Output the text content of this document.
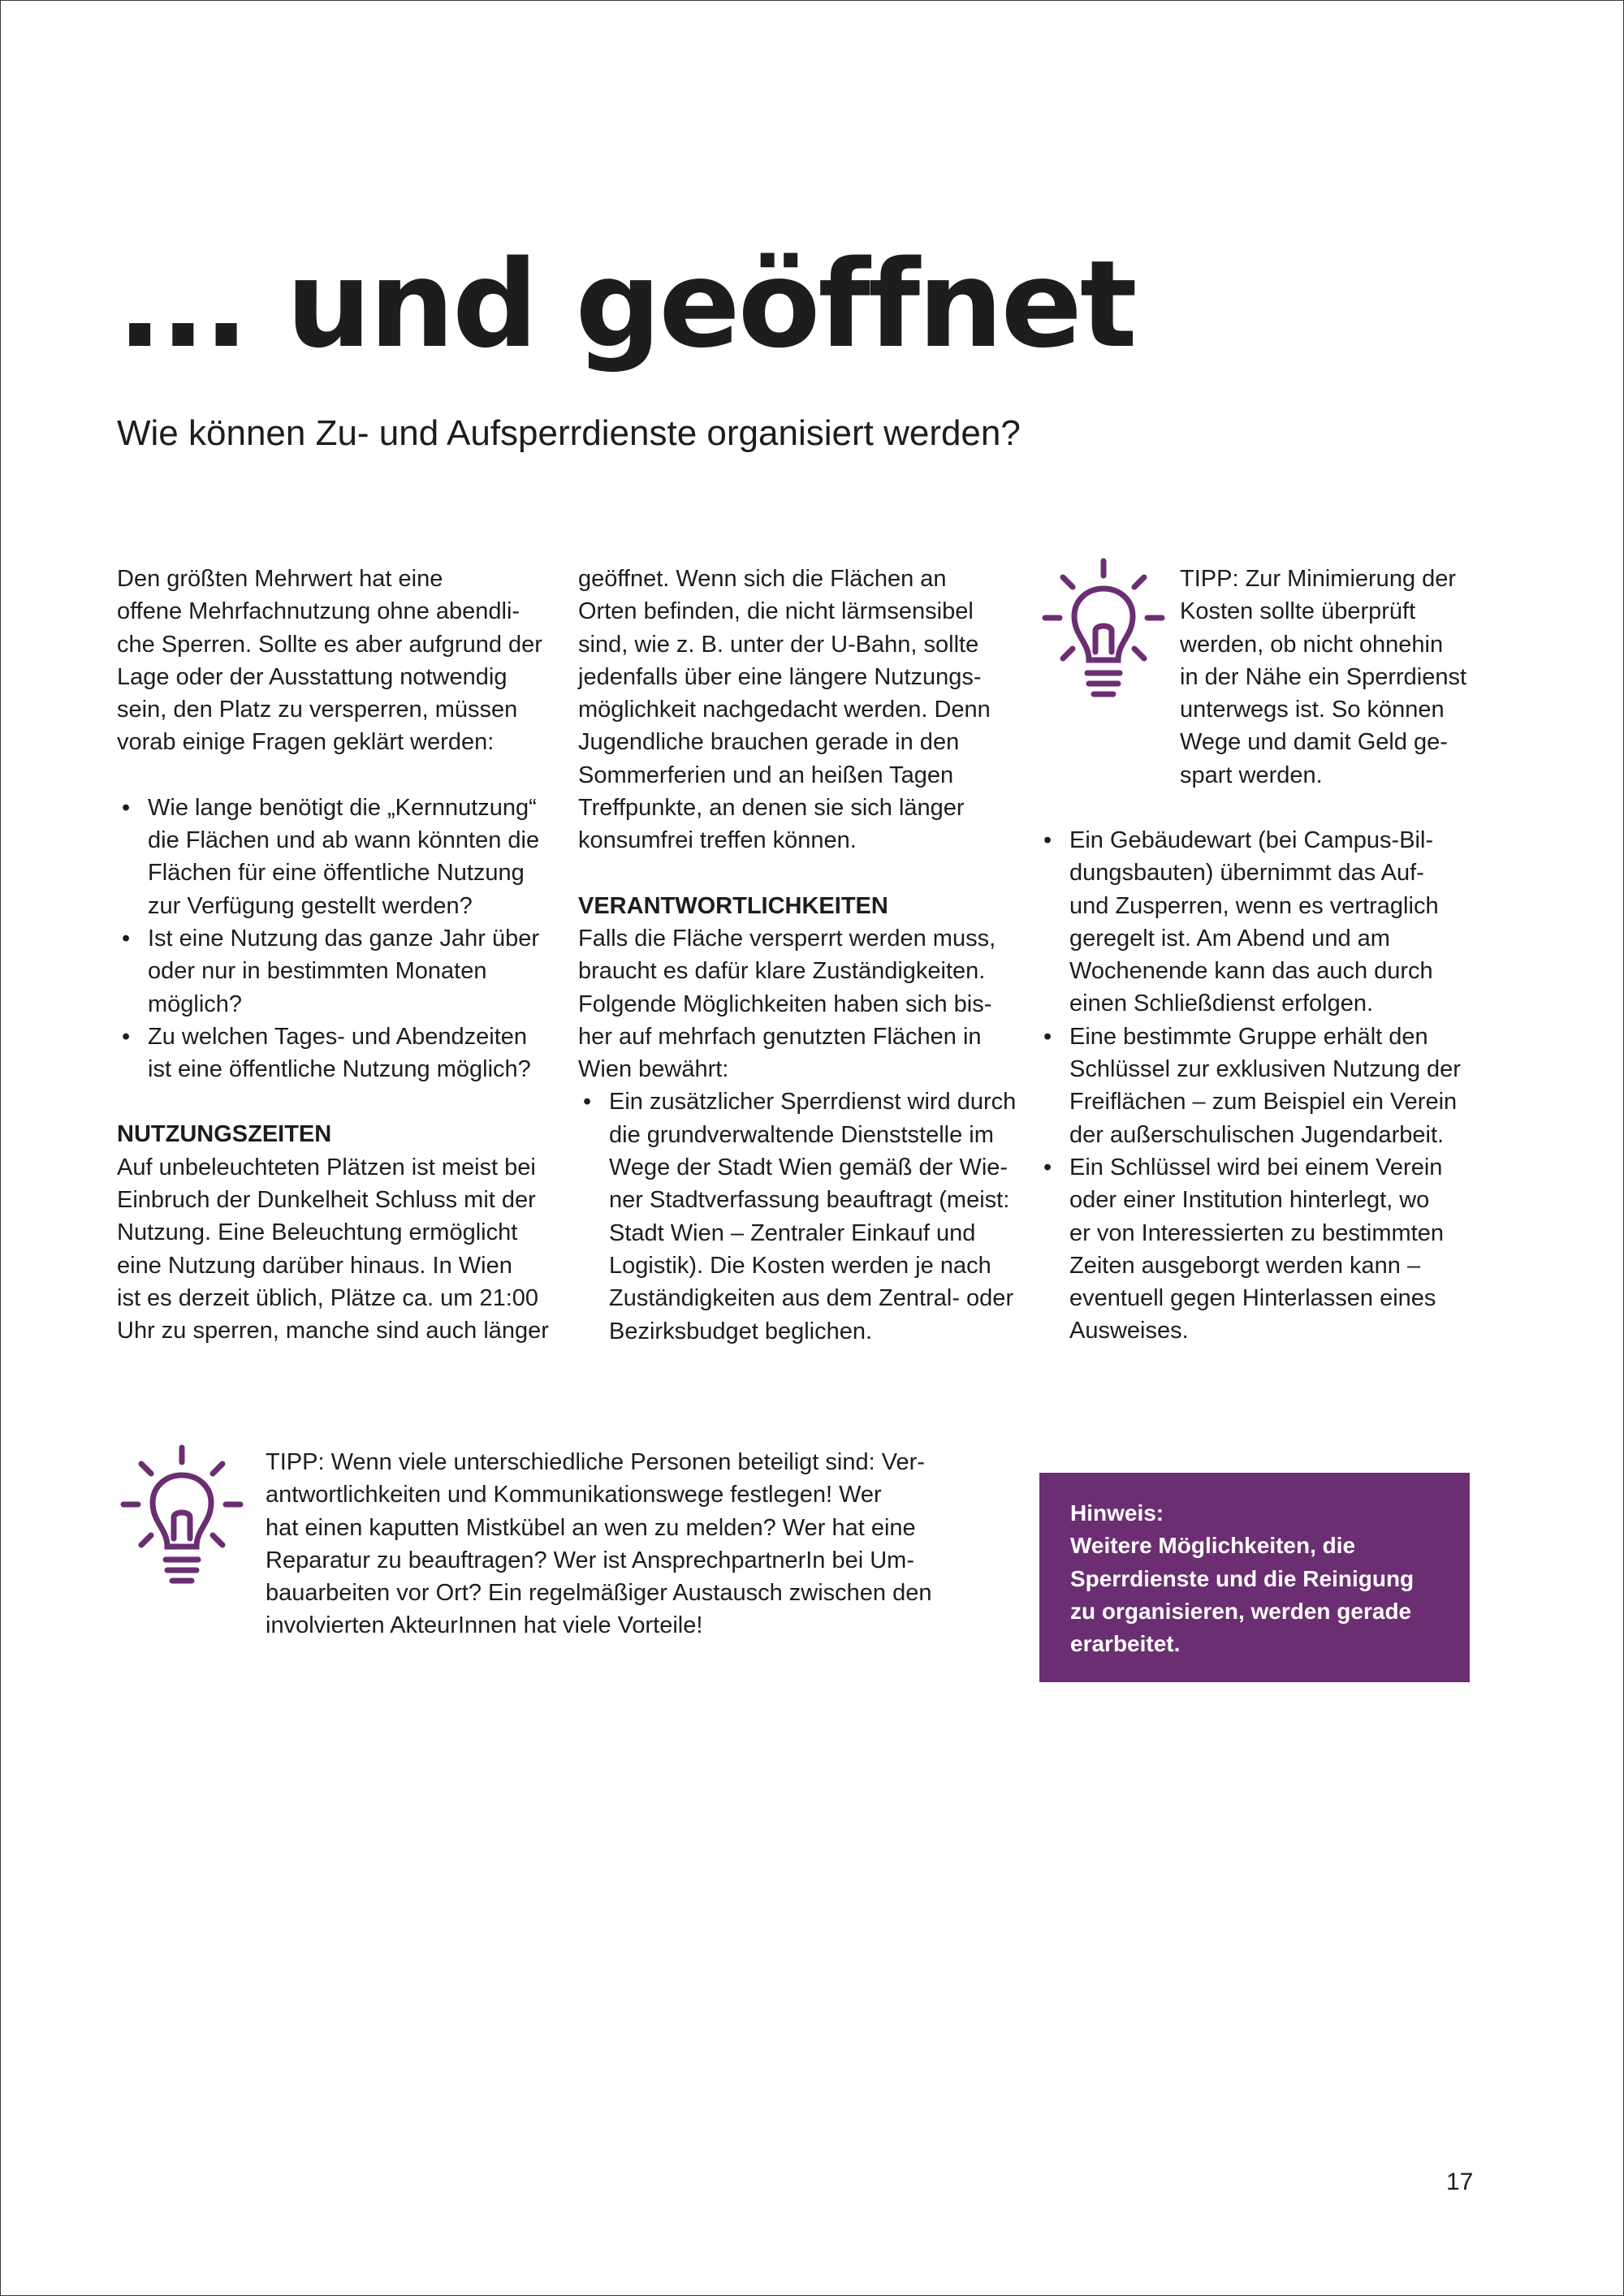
... und geöffnet
Wie können Zu- und Aufsperrdienste organisiert werden?

Den größten Mehrwert hat eine
offene Mehrfachnutzung ohne abendli-
che Sperren. Sollte es aber aufgrund der
Lage oder der Ausstattung notwendig
sein, den Platz zu versperren, müssen
vorab einige Fragen geklärt werden:

• Wie lange benötigt die „Kernnutzung“
die Flächen und ab wann könnten die
Flächen für eine öffentliche Nutzung
zur Verfügung gestellt werden?
• Ist eine Nutzung das ganze Jahr über
oder nur in bestimmten Monaten
möglich?
• Zu welchen Tages- und Abendzeiten
ist eine öffentliche Nutzung möglich?
NUTZUNGSZEITEN

Auf unbeleuchteten Plätzen ist meist bei
Einbruch der Dunkelheit Schluss mit der
Nutzung. Eine Beleuchtung ermöglicht
eine Nutzung darüber hinaus. In Wien
ist es derzeit üblich, Plätze ca. um 21:00
Uhr zu sperren, manche sind auch länger

geöffnet. Wenn sich die Flächen an
Orten befinden, die nicht lärmsensibel
sind, wie z. B. unter der U-Bahn, sollte
jedenfalls über eine längere Nutzungs-
möglichkeit nachgedacht werden. Denn
Jugendliche brauchen gerade in den
Sommerferien und an heißen Tagen
Treffpunkte, an denen sie sich länger
konsumfrei treffen können.

VERANTWORTLICHKEITEN

Falls die Fläche versperrt werden muss,
braucht es dafür klare Zuständigkeiten.
Folgende Möglichkeiten haben sich bis-
her auf mehrfach genutzten Flächen in
Wien bewährt:

• Ein zusätzlicher Sperrdienst wird durch
die grundverwaltende Dienststelle im
Wege der Stadt Wien gemäß der Wie-
ner Stadtverfassung beauftragt (meist:
Stadt Wien – Zentraler Einkauf und
Logistik). Die Kosten werden je nach
Zuständigkeiten aus dem Zentral- oder
Bezirksbudget beglichen.
TIPP: Zur Minimierung der
Kosten sollte überprüft
werden, ob nicht ohnehin
in der Nähe ein Sperrdienst
unterwegs ist. So können
Wege und damit Geld ge-
spart werden.
• Ein Gebäudewart (bei Campus-Bil-
dungsbauten) übernimmt das Auf-
und Zusperren, wenn es vertraglich
geregelt ist. Am Abend und am
Wochenende kann das auch durch
einen Schließdienst erfolgen.
• Eine bestimmte Gruppe erhält den
Schlüssel zur exklusiven Nutzung der
Freiflächen – zum Beispiel ein Verein
der außerschulischen Jugendarbeit.
• Ein Schlüssel wird bei einem Verein
oder einer Institution hinterlegt, wo
er von Interessierten zu bestimmten
Zeiten ausgeborgt werden kann –
eventuell gegen Hinterlassen eines
Ausweises.
TIPP: Wenn viele unterschiedliche Personen beteiligt sind: Ver-
antwortlichkeiten und Kommunikationswege festlegen! Wer
hat einen kaputten Mistkübel an wen zu melden? Wer hat eine
Reparatur zu beauftragen? Wer ist AnsprechpartnerIn bei Um-
bauarbeiten vor Ort? Ein regelmäßiger Austausch zwischen den
involvierten AkteurInnen hat viele Vorteile!
Hinweis:
Weitere Möglichkeiten, die
Sperrdienste und die Reinigung
zu organisieren, werden gerade
erarbeitet.
17
